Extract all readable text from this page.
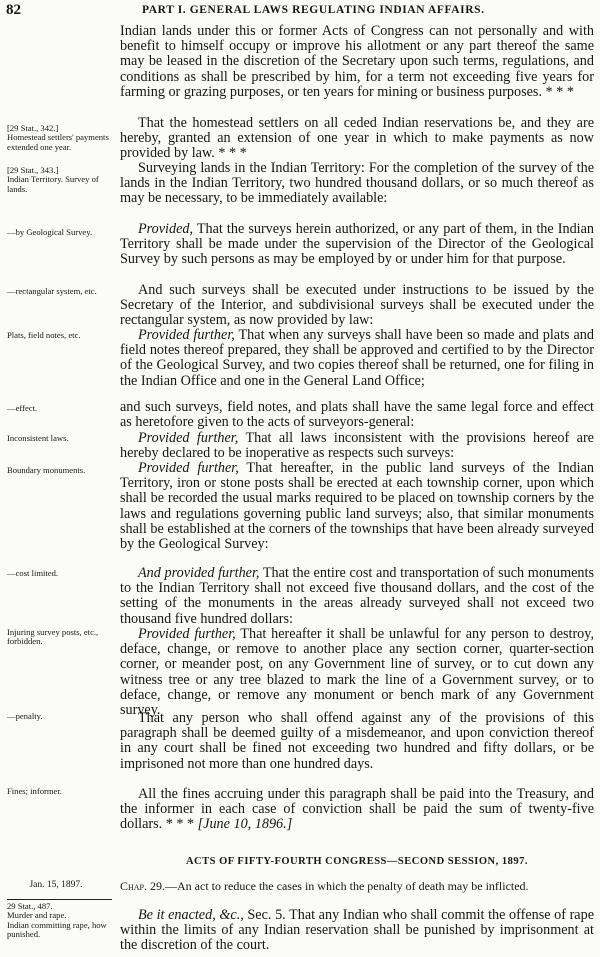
82	PART I. GENERAL LAWS REGULATING INDIAN AFFAIRS.

Indian lands under this or former Acts of Congress can not personally and with benefit to himself occupy or improve his allotment or any part thereof the same may be leased in the discretion of the Secretary upon such terms, regulations, and conditions as shall be prescribed by him, for a term not exceeding five years for farming or grazing purposes, or ten years for mining or business purposes. * * *

That the homestead settlers on all ceded Indian reservations be, and they are hereby, granted an extension of one year in which to make payments as now provided by law. * * *

Surveying lands in the Indian Territory: For the completion of the survey of the lands in the Indian Territory, two hundred thousand dollars, or so much thereof as may be necessary, to be immediately available:

Provided, That the surveys herein authorized, or any part of them, in the Indian Territory shall be made under the supervision of the Director of the Geological Survey by such persons as may be employed by or under him for that purpose.

And such surveys shall be executed under instructions to be issued by the Secretary of the Interior, and subdivisional surveys shall be executed under the rectangular system, as now provided by law:

Provided further, That when any surveys shall have been so made and plats and field notes thereof prepared, they shall be approved and certified to by the Director of the Geological Survey, and two copies thereof shall be returned, one for filing in the Indian Office and one in the General Land Office;

and such surveys, field notes, and plats shall have the same legal force and effect as heretofore given to the acts of surveyors-general:

Provided further, That all laws inconsistent with the provisions hereof are hereby declared to be inoperative as respects such surveys:

Provided further, That hereafter, in the public land surveys of the Indian Territory, iron or stone posts shall be erected at each township corner, upon which shall be recorded the usual marks required to be placed on township corners by the laws and regulations governing public land surveys; also, that similar monuments shall be established at the corners of the townships that have been already surveyed by the Geological Survey:

And provided further, That the entire cost and transportation of such monuments to the Indian Territory shall not exceed five thousand dollars, and the cost of the setting of the monuments in the areas already surveyed shall not exceed two thousand five hundred dollars:

Provided further, That hereafter it shall be unlawful for any person to destroy, deface, change, or remove to another place any section corner, quarter-section corner, or meander post, on any Government line of survey, or to cut down any witness tree or any tree blazed to mark the line of a Government survey, or to deface, change, or remove any monument or bench mark of any Government survey.

That any person who shall offend against any of the provisions of this paragraph shall be deemed guilty of a misdemeanor, and upon conviction thereof in any court shall be fined not exceeding two hundred and fifty dollars, or be imprisoned not more than one hundred days.

All the fines accruing under this paragraph shall be paid into the Treasury, and the informer in each case of conviction shall be paid the sum of twenty-five dollars. * * * [June 10, 1896.]

[29 Stat., 342.]
Homestead settlers' payments extended one year.
[29 Stat., 343.]
Indian Territory. Survey of lands.
—by Geological Survey.
—rectangular system, etc.
Plats, field notes, etc.
—effect.
Inconsistent laws.
Boundary monuments.
—cost limited.
Injuring survey posts, etc., forbidden.
—penalty.
Fines; informer.
ACTS OF FIFTY-FOURTH CONGRESS—SECOND SESSION, 1897.
Jan. 15, 1897.	Chap. 29.—An act to reduce the cases in which the penalty of death may be inflicted.

29 Stat., 487.
Murder and rape.
Indian committing rape, how punished.

Be it enacted, &c., Sec. 5. That any Indian who shall commit the offense of rape within the limits of any Indian reservation shall be punished by imprisonment at the discretion of the court.
